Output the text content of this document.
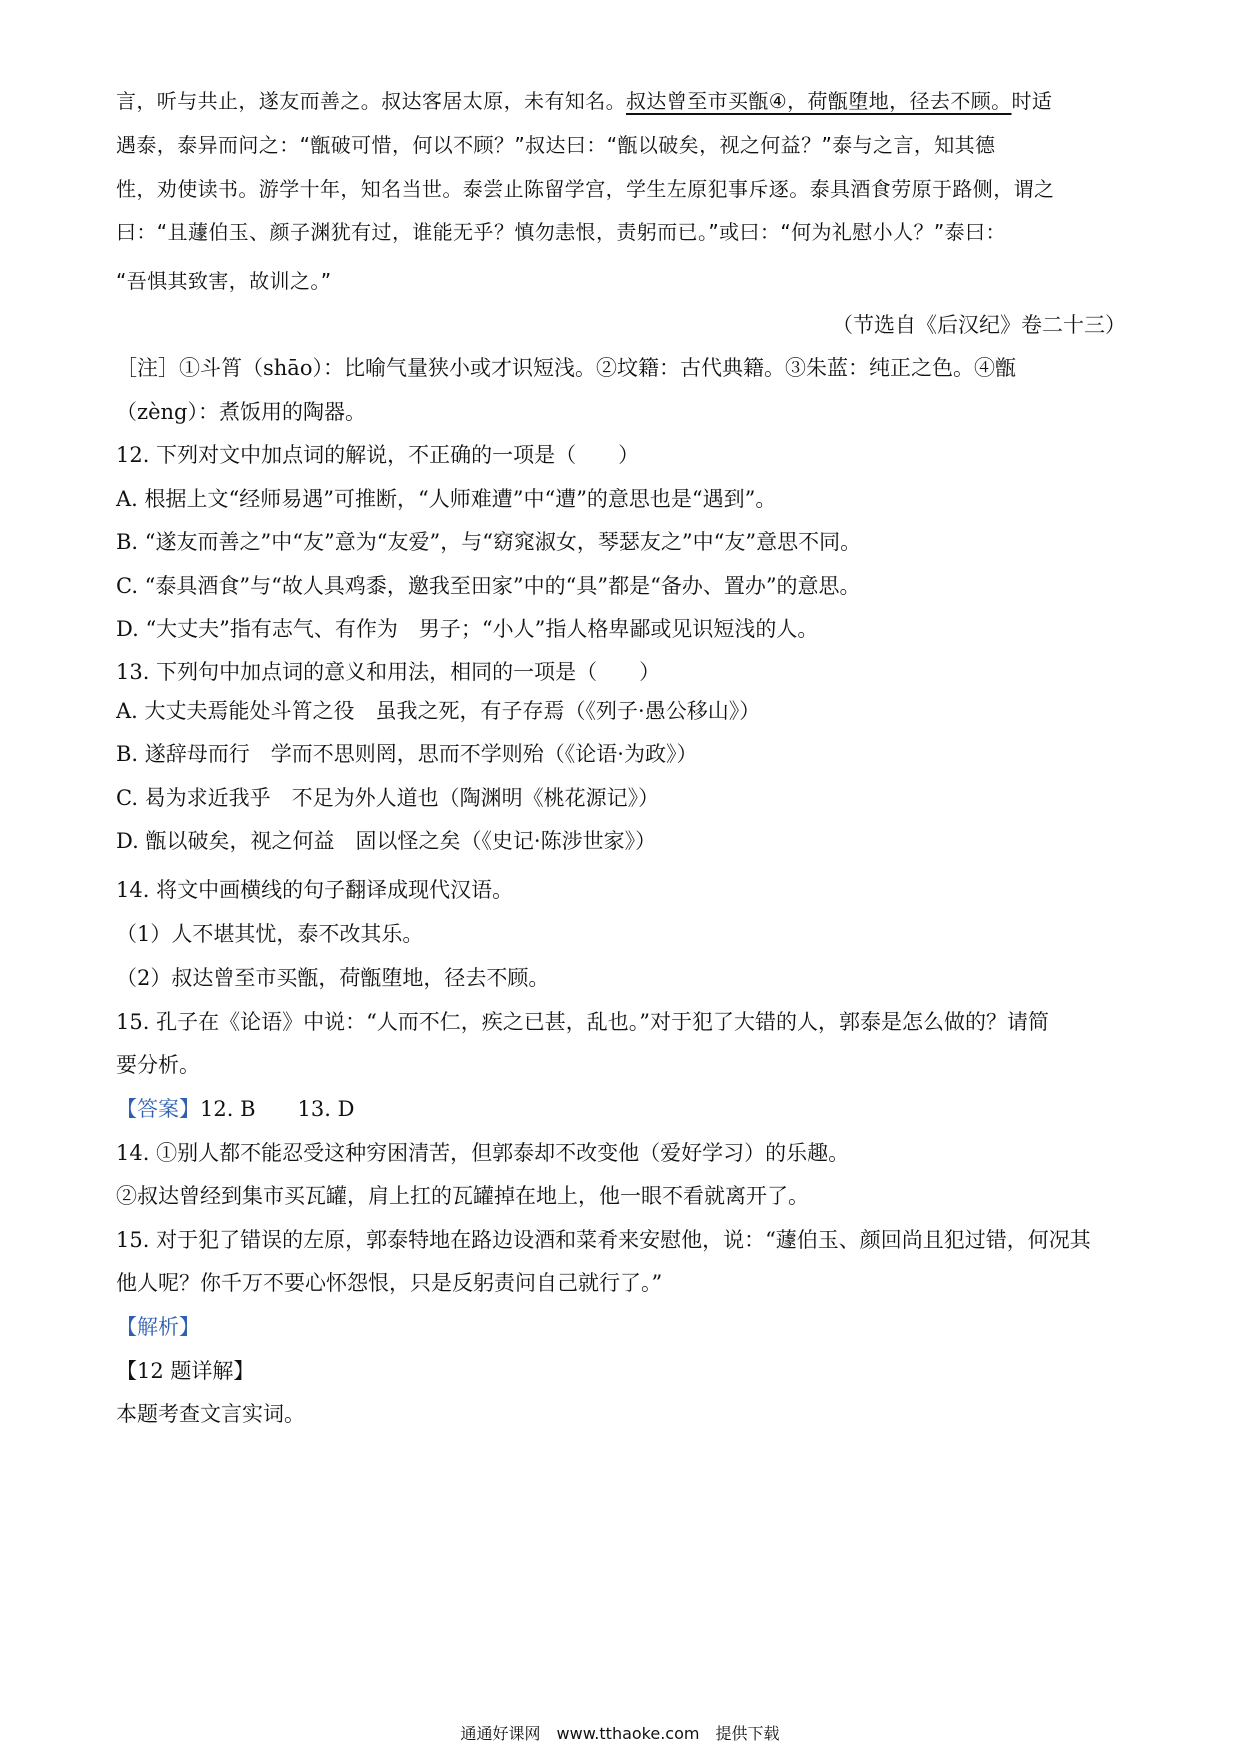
言，听与共止，遂友而善之。叔达客居太原，未有知名。叔达曾至市买甑④，荷甑堕地，径去不顾。时适
遇泰，泰异而问之：“甑破可惜，何以不顾？”叔达曰：“甑以破矣，视之何益？”泰与之言，知其德
性，劝使读书。游学十年，知名当世。泰尝止陈留学宫，学生左原犯事斥逐。泰具酒食劳原于路侧，谓之
曰：“且蘧伯玉、颜子渊犹有过，谁能无乎？慎勿恚恨，责躬而已。”或曰：“何为礼慰小人？”泰曰：
“吾惧其致害，故训之。”
（节选自《后汉纪》卷二十三）
［注］①斗筲（shāo）：比喻气量狭小或才识短浅。②坟籍：古代典籍。③朱蓝：纯正之色。④甑
（zèng）：煮饭用的陶器。
12. 下列对文中加点词的解说，不正确的一项是（　　）
A. 根据上文“经师易遇”可推断，“人师难遭”中“遭”的意思也是“遇到”。
B. “遂友而善之”中“友”意为“友爱”，与“窈窕淑女，琴瑟友之”中“友”意思不同。
C. “泰具酒食”与“故人具鸡黍，邀我至田家”中的“具”都是“备办、置办”的意思。
D. “大丈夫”指有志气、有作为　男子；“小人”指人格卑鄙或见识短浅的人。
13. 下列句中加点词的意义和用法，相同的一项是（　　）
A. 大丈夫焉能处斗筲之役　虽我之死，有子存焉（《列子·愚公移山》）
B. 遂辞母而行　学而不思则罔，思而不学则殆（《论语·为政》）
C. 曷为求近我乎　不足为外人道也（陶渊明《桃花源记》）
D. 甑以破矣，视之何益　固以怪之矣（《史记·陈涉世家》）
14. 将文中画横线的句子翻译成现代汉语。
（1）人不堪其忧，泰不改其乐。
（2）叔达曾至市买甑，荷甑堕地，径去不顾。
15. 孔子在《论语》中说：“人而不仁，疾之已甚，乱也。”对于犯了大错的人，郭泰是怎么做的？请简
要分析。
【答案】12. B　　13. D
14. ①别人都不能忍受这种穷困清苦，但郭泰却不改变他（爱好学习）的乐趣。
②叔达曾经到集市买瓦罐，肩上扛的瓦罐掉在地上，他一眼不看就离开了。
15. 对于犯了错误的左原，郭泰特地在路边设酒和菜肴来安慰他，说：“蘧伯玉、颜回尚且犯过错，何况其
他人呢？你千万不要心怀怨恨，只是反躬责问自己就行了。”
【解析】
【12 题详解】
本题考查文言实词。
通通好课网　www.tthaoke.com　提供下载
